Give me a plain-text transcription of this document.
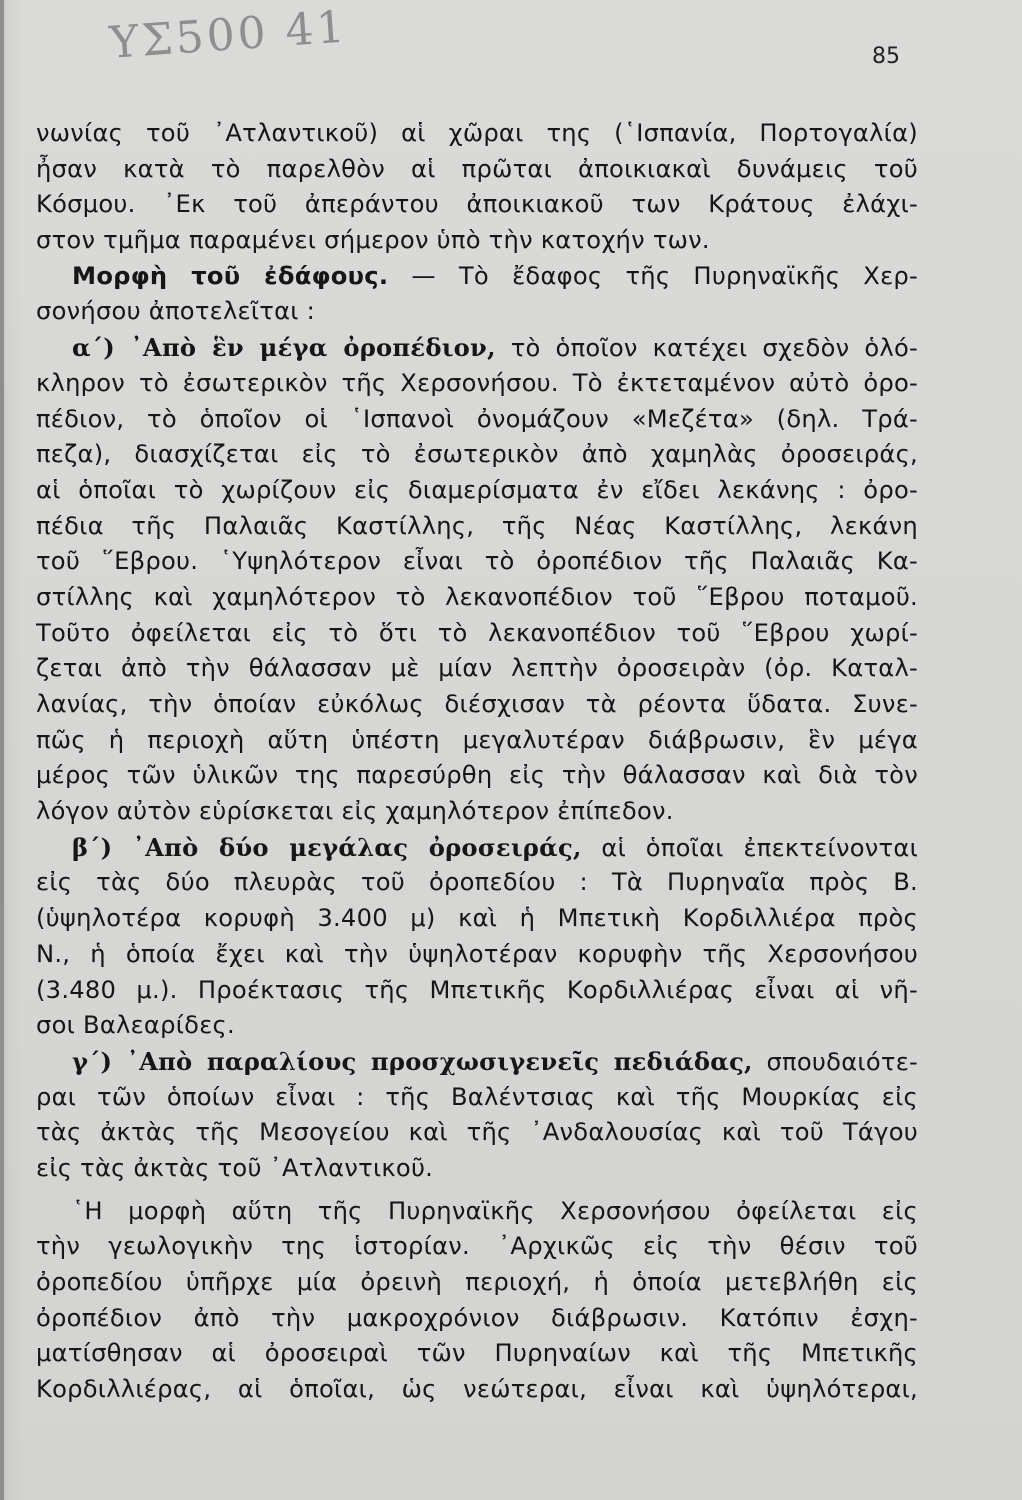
ΥΣ500 41	85
νωνίας τοῦ ᾿Ατλαντικοῦ) αἱ χῶραι της (῾Ισπανία, Πορτογαλία)
ἦσαν κατὰ τὸ παρελθὸν αἱ πρῶται ἀποικιακαὶ δυνάμεις τοῦ
Κόσμου. ᾿Εκ τοῦ ἀπεράντου ἀποικιακοῦ των Κράτους ἐλάχι-
στον τμῆμα παραμένει σήμερον ὑπὸ τὴν κατοχήν των.
Μορφὴ τοῦ ἐδάφους. — Τὸ ἔδαφος τῆς Πυρηναϊκῆς Χερ-
σονήσου ἀποτελεῖται :
α΄) ᾿Απὸ ἓν μέγα ὀροπέδιον, τὸ ὁποῖον κατέχει σχεδὸν ὁλό-
κληρον τὸ ἐσωτερικὸν τῆς Χερσονήσου. Τὸ ἐκτεταμένον αὐτὸ ὀρο-
πέδιον, τὸ ὁποῖον οἱ ῾Ισπανοὶ ὀνομάζουν «Μεζέτα» (δηλ. Τρά-
πεζα), διασχίζεται εἰς τὸ ἐσωτερικὸν ἀπὸ χαμηλὰς ὀροσειράς,
αἱ ὁποῖαι τὸ χωρίζουν εἰς διαμερίσματα ἐν εἴδει λεκάνης : ὀρο-
πέδια τῆς Παλαιᾶς Καστίλλης, τῆς Νέας Καστίλλης, λεκάνη
τοῦ ῞Εβρου. ῾Υψηλότερον εἶναι τὸ ὀροπέδιον τῆς Παλαιᾶς Κα-
στίλλης καὶ χαμηλότερον τὸ λεκανοπέδιον τοῦ ῞Εβρου ποταμοῦ.
Τοῦτο ὀφείλεται εἰς τὸ ὅτι τὸ λεκανοπέδιον τοῦ ῞Εβρου χωρί-
ζεται ἀπὸ τὴν θάλασσαν μὲ μίαν λεπτὴν ὀροσειρὰν (ὀρ. Καταλ-
λανίας, τὴν ὁποίαν εὐκόλως διέσχισαν τὰ ρέοντα ὕδατα. Συνε-
πῶς ἡ περιοχὴ αὕτη ὑπέστη μεγαλυτέραν διάβρωσιν, ἓν μέγα
μέρος τῶν ὑλικῶν της παρεσύρθη εἰς τὴν θάλασσαν καὶ διὰ τὸν
λόγον αὐτὸν εὑρίσκεται εἰς χαμηλότερον ἐπίπεδον.
β΄) ᾿Απὸ δύο μεγάλας ὀροσειράς, αἱ ὁποῖαι ἐπεκτείνονται
εἰς τὰς δύο πλευρὰς τοῦ ὀροπεδίου : Τὰ Πυρηναῖα πρὸς Β.
(ὑψηλοτέρα κορυφὴ 3.400 μ) καὶ ἡ Μπετικὴ Κορδιλλιέρα πρὸς
Ν., ἡ ὁποία ἔχει καὶ τὴν ὑψηλοτέραν κορυφὴν τῆς Χερσονήσου
(3.480 μ.). Προέκτασις τῆς Μπετικῆς Κορδιλλιέρας εἶναι αἱ νῆ-
σοι Βαλεαρίδες.
γ΄) ᾿Απὸ παραλίους προσχωσιγενεῖς πεδιάδας, σπουδαιότε-
ραι τῶν ὁποίων εἶναι : τῆς Βαλέντσιας καὶ τῆς Μουρκίας εἰς
τὰς ἀκτὰς τῆς Μεσογείου καὶ τῆς ᾿Ανδαλουσίας καὶ τοῦ Τάγου
εἰς τὰς ἀκτὰς τοῦ ᾿Ατλαντικοῦ.
῾Η μορφὴ αὕτη τῆς Πυρηναϊκῆς Χερσονήσου ὀφείλεται εἰς
τὴν γεωλογικὴν της ἱστορίαν. ᾿Αρχικῶς εἰς τὴν θέσιν τοῦ
ὀροπεδίου ὑπῆρχε μία ὀρεινὴ περιοχή, ἡ ὁποία μετεβλήθη εἰς
ὀροπέδιον ἀπὸ τὴν μακροχρόνιον διάβρωσιν. Κατόπιν ἐσχη-
ματίσθησαν αἱ ὀροσειραὶ τῶν Πυρηναίων καὶ τῆς Μπετικῆς
Κορδιλλιέρας, αἱ ὁποῖαι, ὡς νεώτεραι, εἶναι καὶ ὑψηλότεραι,
